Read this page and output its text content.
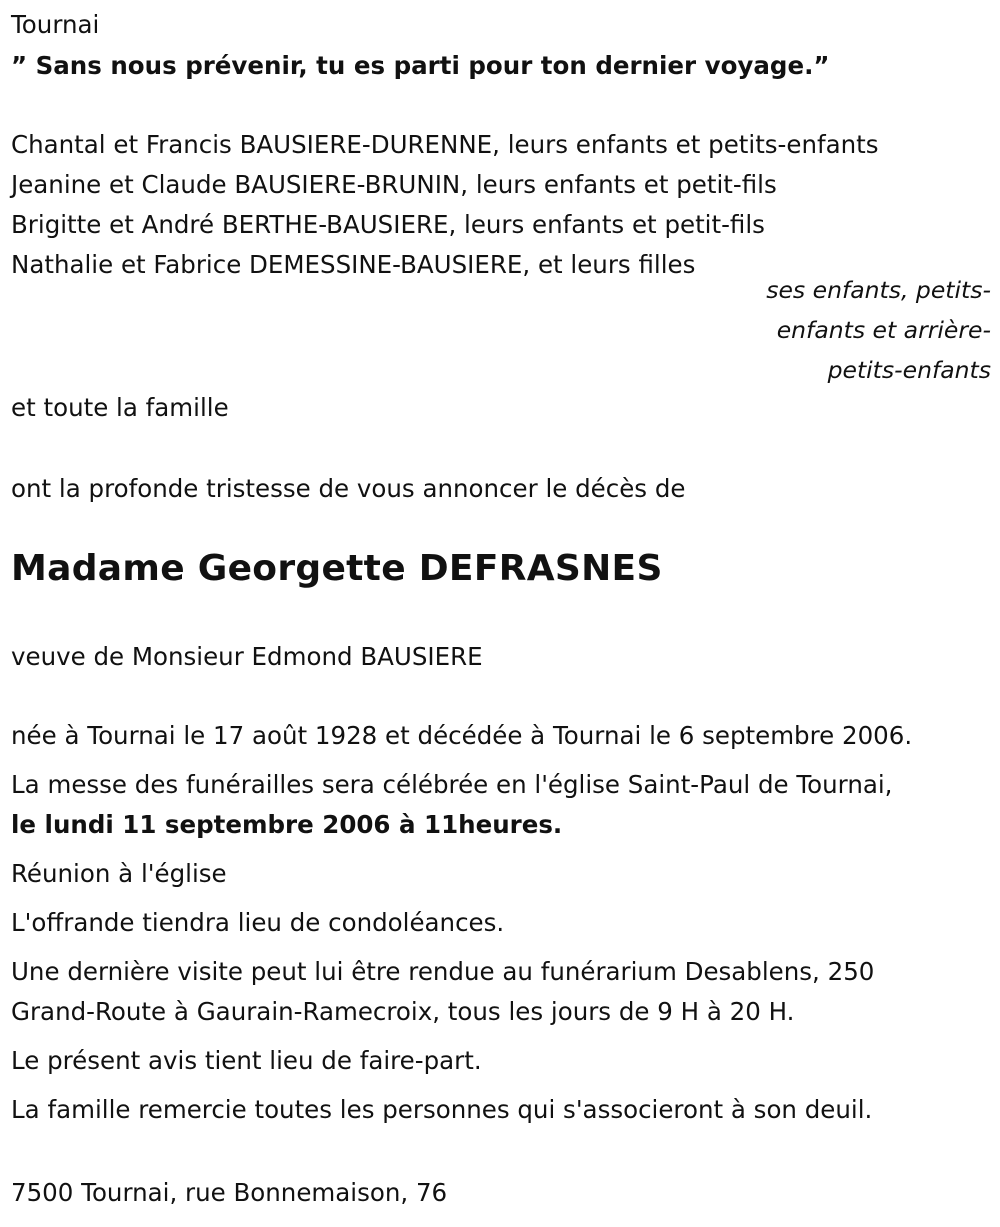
Tournai
” Sans nous prévenir, tu es parti pour ton dernier voyage.”
Chantal et Francis BAUSIERE-DURENNE, leurs enfants et petits-enfants
Jeanine et Claude BAUSIERE-BRUNIN, leurs enfants et petit-fils
Brigitte et André BERTHE-BAUSIERE, leurs enfants et petit-fils
Nathalie et Fabrice DEMESSINE-BAUSIERE, et leurs filles
ses enfants, petits-
enfants et arrière-
petits-enfants
et toute la famille
ont la profonde tristesse de vous annoncer le décès de
Madame Georgette DEFRASNES
veuve de Monsieur Edmond BAUSIERE
née à Tournai le 17 août 1928 et décédée à Tournai le 6 septembre 2006.
La messe des funérailles sera célébrée en l'église Saint-Paul de Tournai,
le lundi 11 septembre 2006 à 11heures.
Réunion à l'église
L'offrande tiendra lieu de condoléances.
Une dernière visite peut lui être rendue au funérarium Desablens, 250
Grand-Route à Gaurain-Ramecroix, tous les jours de 9 H à 20 H.
Le présent avis tient lieu de faire-part.
La famille remercie toutes les personnes qui s'associeront à son deuil.
7500 Tournai, rue Bonnemaison, 76
